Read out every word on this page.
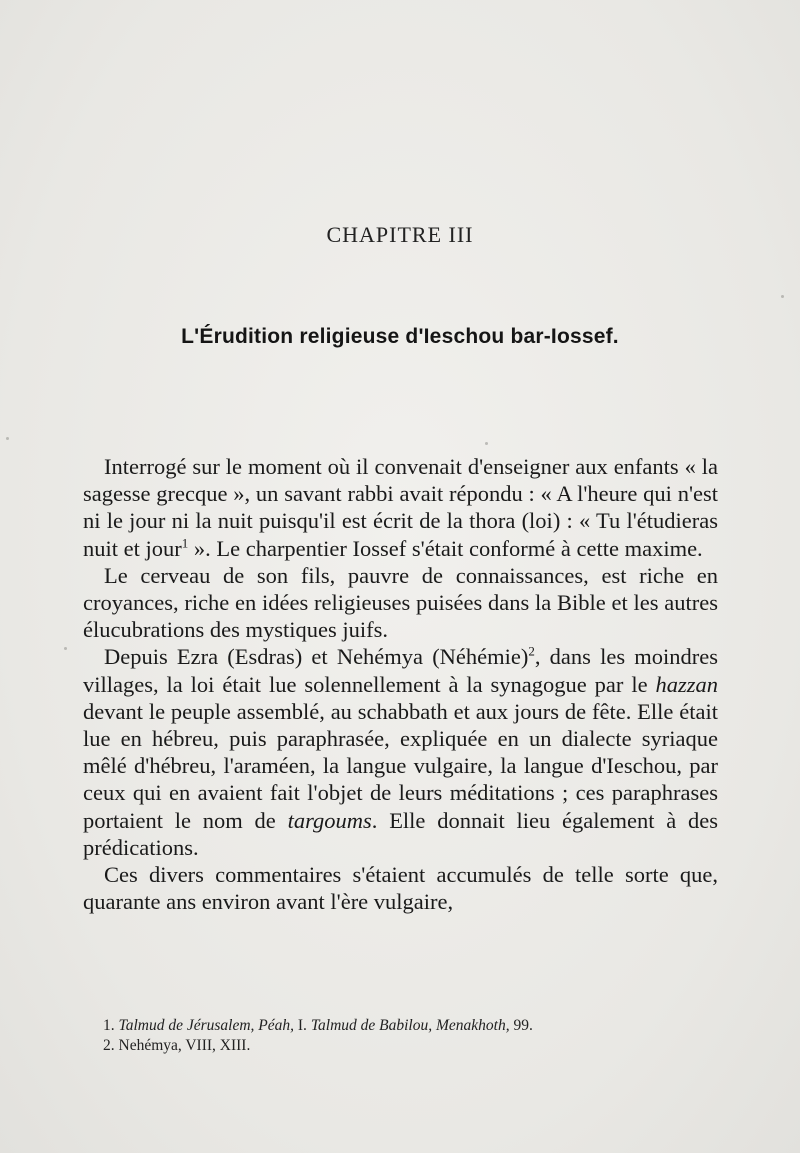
CHAPITRE III
L'Érudition religieuse d'Ieschou bar-Iossef.

Interrogé sur le moment où il convenait d'enseigner aux enfants « la sagesse grecque », un savant rabbi avait répondu : « A l'heure qui n'est ni le jour ni la nuit puisqu'il est écrit de la thora (loi) : « Tu l'étudieras nuit et jour$^1$ ». Le charpentier Iossef s'était conformé à cette maxime.

Le cerveau de son fils, pauvre de connaissances, est riche en croyances, riche en idées religieuses puisées dans la Bible et les autres élucubrations des mystiques juifs.

Depuis Ezra (Esdras) et Nehémya (Néhémie)$^2$, dans les moindres villages, la loi était lue solennellement à la synagogue par le hazzan devant le peuple assemblé, au schabbath et aux jours de fête. Elle était lue en hébreu, puis paraphrasée, expliquée en un dialecte syriaque mêlé d'hébreu, l'araméen, la langue vulgaire, la langue d'Ieschou, par ceux qui en avaient fait l'objet de leurs méditations ; ces paraphrases portaient le nom de targoums. Elle donnait lieu également à des prédications.

Ces divers commentaires s'étaient accumulés de telle sorte que, quarante ans environ avant l'ère vulgaire,

1. Talmud de Jérusalem, Péah, I. Talmud de Babilou, Menakhoth, 99.
2. Nehémya, VIII, XIII.
